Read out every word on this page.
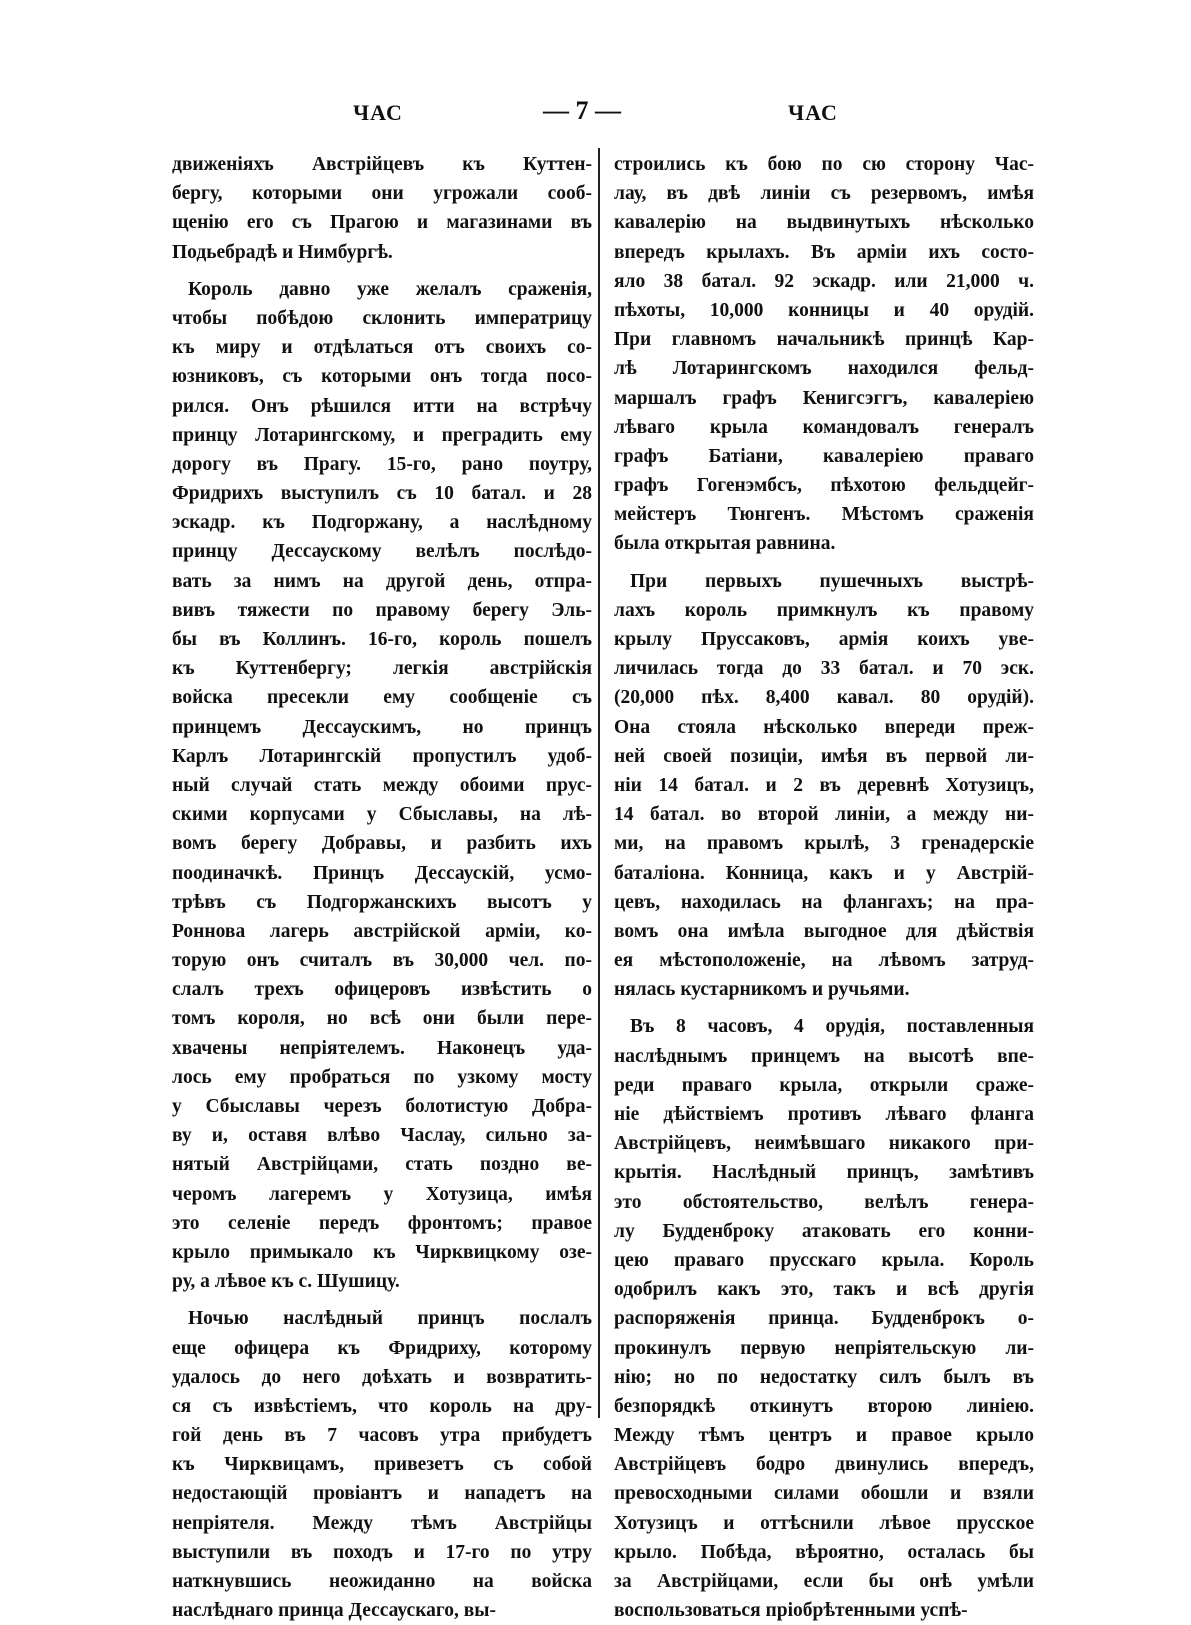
ЧАС	— 7 —	ЧАС
движеніяхъ Австрійцевъ къ Куттен-
бергу, которыми они угрожали сооб-
щенію его съ Прагою и магазинами въ
Подьебрадѣ и Нимбургѣ.
Король давно уже желалъ сраженія,
чтобы побѣдою склонить императрицу
къ миру и отдѣлаться отъ своихъ со-
юзниковъ, съ которыми онъ тогда посо-
рился. Онъ рѣшился итти на встрѣчу
принцу Лотарингскому, и преградить ему
дорогу въ Прагу. 15-го, рано поутру,
Фридрихъ выступилъ съ 10 батал. и 28
эскадр. къ Подгоржану, а наслѣдному
принцу Дессаускому велѣлъ послѣдо-
вать за нимъ на другой день, отпра-
вивъ тяжести по правому берегу Эль-
бы въ Коллинъ. 16-го, король пошелъ
къ Куттенбергу; легкія австрійскія
войска пресекли ему сообщеніе съ
принцемъ Дессаускимъ, но принцъ
Карлъ Лотарингскій пропустилъ удоб-
ный случай стать между обоими прус-
скими корпусами у Сбыславы, на лѣ-
вомъ берегу Добравы, и разбить ихъ
поодиначкѣ. Принцъ Дессаускій, усмо-
трѣвъ съ Подгоржанскихъ высотъ у
Роннова лагерь австрійской арміи, ко-
торую онъ считалъ въ 30,000 чел. по-
слалъ трехъ офицеровъ извѣстить о
томъ короля, но всѣ они были пере-
хвачены непріятелемъ. Наконецъ уда-
лось ему пробраться по узкому мосту
у Сбыславы черезъ болотистую Добра-
ву и, оставя влѣво Часлау, сильно за-
нятый Австрійцами, стать поздно ве-
черомъ лагеремъ у Хотузица, имѣя
это селеніе передъ фронтомъ; правое
крыло примыкало къ Чирквицкому озе-
ру, а лѣвое къ с. Шушицу.
Ночью наслѣдный принцъ послалъ
еще офицера къ Фридриху, которому
удалось до него доѣхать и возвратить-
ся съ извѣстіемъ, что король на дру-
гой день въ 7 часовъ утра прибудетъ
къ Чирквицамъ, привезетъ съ собой
недостающій провіантъ и нападетъ на
непріятеля. Между тѣмъ Австрійцы
выступили въ походъ и 17-го по утру
наткнувшись неожиданно на войска
наслѣднаго принца Дессаускаго, вы-
строились къ бою по сю сторону Час-
лау, въ двѣ линіи съ резервомъ, имѣя
кавалерію на выдвинутыхъ нѣсколько
впередъ крылахъ. Въ арміи ихъ состо-
яло 38 батал. 92 эскадр. или 21,000 ч.
пѣхоты, 10,000 конницы и 40 орудій.
При главномъ начальникѣ принцѣ Кар-
лѣ Лотарингскомъ находился фельд-
маршалъ графъ Кенигсэггъ, кавалеріею
лѣваго крыла командовалъ генералъ
графъ Батіани, кавалеріею праваго
графъ Гогенэмбсъ, пѣхотою фельдцейг-
мейстеръ Тюнгенъ. Мѣстомъ сраженія
была открытая равнина.
При первыхъ пушечныхъ выстрѣ-
лахъ король примкнулъ къ правому
крылу Пруссаковъ, армія коихъ уве-
личилась тогда до 33 батал. и 70 эск.
(20,000 пѣх. 8,400 кавал. 80 орудій).
Она стояла нѣсколько впереди преж-
ней своей позиціи, имѣя въ первой ли-
ніи 14 батал. и 2 въ деревнѣ Хотузицъ,
14 батал. во второй линіи, а между ни-
ми, на правомъ крылѣ, 3 гренадерскіе
баталіона. Конница, какъ и у Австрій-
цевъ, находилась на флангахъ; на пра-
вомъ она имѣла выгодное для дѣйствія
ея мѣстоположеніе, на лѣвомъ затруд-
нялась кустарникомъ и ручьями.
Въ 8 часовъ, 4 орудія, поставленныя
наслѣднымъ принцемъ на высотѣ впе-
реди праваго крыла, открыли сраже-
ніе дѣйствіемъ противъ лѣваго фланга
Австрійцевъ, неимѣвшаго никакого при-
крытія. Наслѣдный принцъ, замѣтивъ
это обстоятельство, велѣлъ генера-
лу Будденброку атаковать его конни-
цею праваго прусскаго крыла. Король
одобрилъ какъ это, такъ и всѣ другія
распоряженія принца. Будденброкъ о-
прокинулъ первую непріятельскую ли-
нію; но по недостатку силъ былъ въ
безпорядкѣ откинутъ второю линіею.
Между тѣмъ центръ и правое крыло
Австрійцевъ бодро двинулись впередъ,
превосходными силами обошли и взяли
Хотузицъ и оттѣснили лѣвое прусское
крыло. Побѣда, вѣроятно, осталась бы
за Австрійцами, если бы онѣ умѣли
воспользоваться пріобрѣтенными успѣ-
